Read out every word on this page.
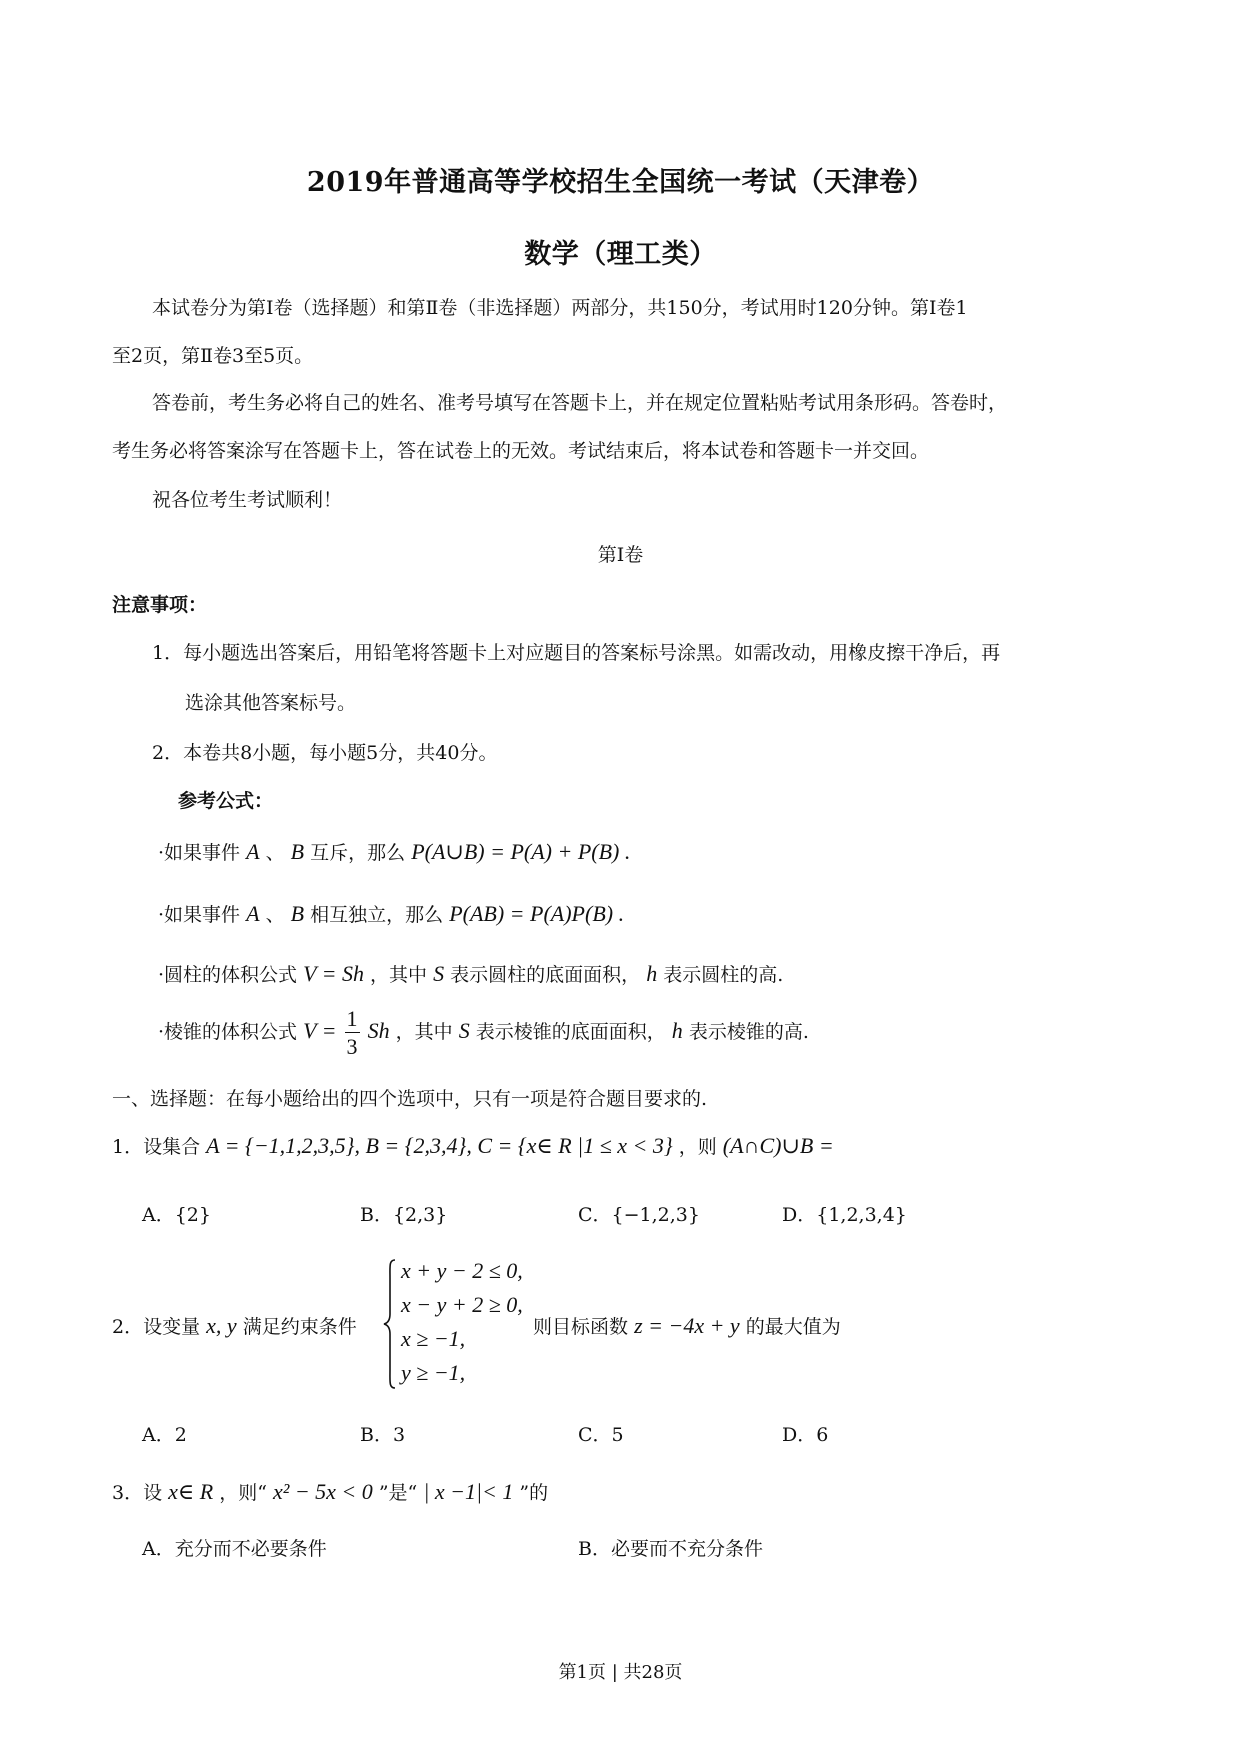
2019年普通高等学校招生全国统一考试（天津卷）
数学（理工类）
本试卷分为第Ⅰ卷（选择题）和第Ⅱ卷（非选择题）两部分，共150分，考试用时120分钟。第Ⅰ卷1
至2页，第Ⅱ卷3至5页。
答卷前，考生务必将自己的姓名、准考号填写在答题卡上，并在规定位置粘贴考试用条形码。答卷时，
考生务必将答案涂写在答题卡上，答在试卷上的无效。考试结束后，将本试卷和答题卡一并交回。
祝各位考生考试顺利！
第Ⅰ卷
注意事项：
1．每小题选出答案后，用铅笔将答题卡上对应题目的答案标号涂黑。如需改动，用橡皮擦干净后，再
选涂其他答案标号。
2．本卷共8小题，每小题5分，共40分。
参考公式：
·如果事件 A 、 B 互斥，那么 P(A∪B) = P(A) + P(B) .
·如果事件 A 、 B 相互独立，那么 P(AB) = P(A)P(B) .
·圆柱的体积公式 V = Sh ，其中 S 表示圆柱的底面面积， h 表示圆柱的高.
·棱锥的体积公式 $V = \frac{1}{3}$ Sh ，其中 S 表示棱锥的底面面积， h 表示棱锥的高.
一、选择题：在每小题给出的四个选项中，只有一项是符合题目要求的.
1．设集合 A = {−1,1,2,3,5}, B = {2,3,4}, C = {x∈ R |1 ≤ x < 3} ，则 (A∩C)∪B =
A．{2}	B．{2,3}	C．{−1,2,3}	D．{1,2,3,4}
2．设变量 x, y 满足约束条件
x + y − 2 ≤ 0,
x − y + 2 ≥ 0,
x ≥ −1,
y ≥ −1,
则目标函数 z = −4x + y 的最大值为
A．2	B．3	C．5	D．6
3．设 x∈ R ，则“ x² − 5x < 0 ”是“ | x −1|< 1 ”的
A．充分而不必要条件	B．必要而不充分条件
第1页 | 共28页
